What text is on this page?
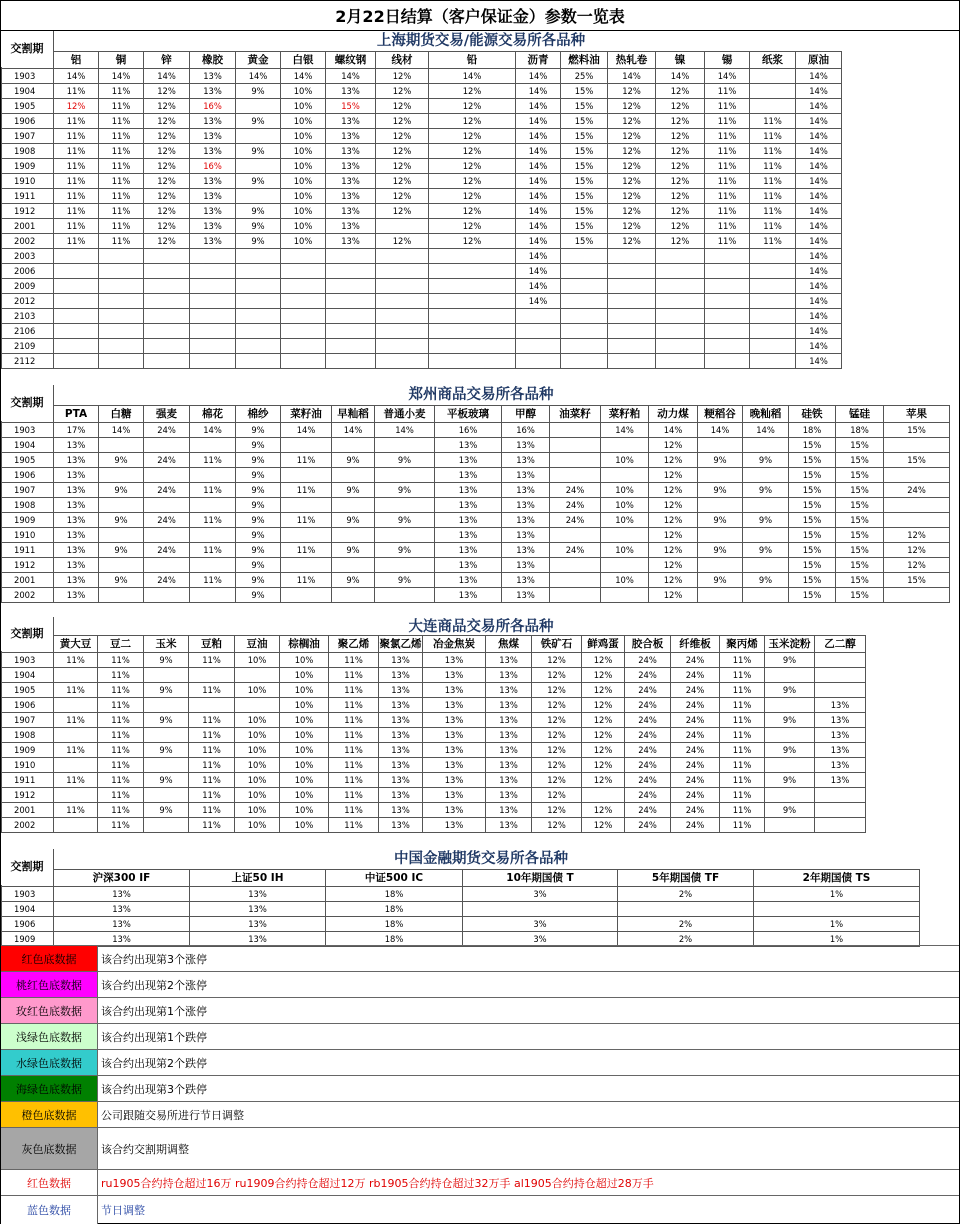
2月22日结算（客户保证金）参数一览表
上海期货交易/能源交易所各品种
	铝	铜	锌	橡胶	黄金	白银	螺纹钢	线材	铅	沥青	燃料油	热轧卷	镍	锡	纸浆	原油	
1903	14%	14%	14%	13%	14%	14%	14%	12%	14%	14%	25%	14%	14%	14%		14%	
1904	11%	11%	12%	13%	9%	10%	13%	12%	12%	14%	15%	12%	12%	11%		14%	
1905	12%	11%	12%	16%		10%	15%	12%	12%	14%	15%	12%	12%	11%		14%	
1906	11%	11%	12%	13%	9%	10%	13%	12%	12%	14%	15%	12%	12%	11%	11%	14%	
1907	11%	11%	12%	13%		10%	13%	12%	12%	14%	15%	12%	12%	11%	11%	14%	
1908	11%	11%	12%	13%	9%	10%	13%	12%	12%	14%	15%	12%	12%	11%	11%	14%	
1909	11%	11%	12%	16%		10%	13%	12%	12%	14%	15%	12%	12%	11%	11%	14%	
1910	11%	11%	12%	13%	9%	10%	13%	12%	12%	14%	15%	12%	12%	11%	11%	14%	
1911	11%	11%	12%	13%		10%	13%	12%	12%	14%	15%	12%	12%	11%	11%	14%	
1912	11%	11%	12%	13%	9%	10%	13%	12%	12%	14%	15%	12%	12%	11%	11%	14%	
2001	11%	11%	12%	13%	9%	10%	13%		12%	14%	15%	12%	12%	11%	11%	14%	
2002	11%	11%	12%	13%	9%	10%	13%	12%	12%	14%	15%	12%	12%	11%	11%	14%	
2003										14%						14%	
2006										14%						14%	
2009										14%						14%	
2012										14%						14%	
2103																14%	
2106																14%	
2109																14%	
2112																14%	
交割期
郑州商品交易所各品种
	PTA	白糖	强麦	棉花	棉纱	菜籽油	早籼稻	普通小麦	平板玻璃	甲醇	油菜籽	菜籽粕	动力煤	粳稻谷	晚籼稻	硅铁	锰硅	苹果
1903	17%	14%	24%	14%	9%	14%	14%	14%	16%	16%		14%	14%	14%	14%	18%	18%	15%
1904	13%				9%				13%	13%			12%			15%	15%	
1905	13%	9%	24%	11%	9%	11%	9%	9%	13%	13%		10%	12%	9%	9%	15%	15%	15%
1906	13%				9%				13%	13%			12%			15%	15%	
1907	13%	9%	24%	11%	9%	11%	9%	9%	13%	13%	24%	10%	12%	9%	9%	15%	15%	24%
1908	13%				9%				13%	13%	24%	10%	12%			15%	15%	
1909	13%	9%	24%	11%	9%	11%	9%	9%	13%	13%	24%	10%	12%	9%	9%	15%	15%	
1910	13%				9%				13%	13%			12%			15%	15%	12%
1911	13%	9%	24%	11%	9%	11%	9%	9%	13%	13%	24%	10%	12%	9%	9%	15%	15%	12%
1912	13%				9%				13%	13%			12%			15%	15%	12%
2001	13%	9%	24%	11%	9%	11%	9%	9%	13%	13%		10%	12%	9%	9%	15%	15%	15%
2002	13%				9%				13%	13%			12%			15%	15%	
交割期
大连商品交易所各品种
	黄大豆	豆二	玉米	豆粕	豆油	棕榈油	聚乙烯	聚氯乙烯	冶金焦炭	焦煤	铁矿石	鲜鸡蛋	胶合板	纤维板	聚丙烯	玉米淀粉	乙二醇	
1903	11%	11%	9%	11%	10%	10%	11%	13%	13%	13%	12%	12%	24%	24%	11%	9%		
1904		11%				10%	11%	13%	13%	13%	12%	12%	24%	24%	11%			
1905	11%	11%	9%	11%	10%	10%	11%	13%	13%	13%	12%	12%	24%	24%	11%	9%		
1906		11%				10%	11%	13%	13%	13%	12%	12%	24%	24%	11%		13%	
1907	11%	11%	9%	11%	10%	10%	11%	13%	13%	13%	12%	12%	24%	24%	11%	9%	13%	
1908		11%		11%	10%	10%	11%	13%	13%	13%	12%	12%	24%	24%	11%		13%	
1909	11%	11%	9%	11%	10%	10%	11%	13%	13%	13%	12%	12%	24%	24%	11%	9%	13%	
1910		11%		11%	10%	10%	11%	13%	13%	13%	12%	12%	24%	24%	11%		13%	
1911	11%	11%	9%	11%	10%	10%	11%	13%	13%	13%	12%	12%	24%	24%	11%	9%	13%	
1912		11%		11%	10%	10%	11%	13%	13%	13%	12%		24%	24%	11%			
2001	11%	11%	9%	11%	10%	10%	11%	13%	13%	13%	12%	12%	24%	24%	11%	9%		
2002		11%		11%	10%	10%	11%	13%	13%	13%	12%	12%	24%	24%	11%			
交割期
中国金融期货交易所各品种
	沪深300 IF	上证50 IH	中证500 IC	10年期国债 T	5年期国债 TF	2年期国债 TS	
1903	13%	13%	18%	3%	2%	1%	
1904	13%	13%	18%				
1906	13%	13%	18%	3%	2%	1%	
1909	13%	13%	18%	3%	2%	1%	
交割期
红色底数据	该合约出现第3个涨停
桃红色底数据	该合约出现第2个涨停
玫红色底数据	该合约出现第1个涨停
浅绿色底数据	该合约出现第1个跌停
水绿色底数据	该合约出现第2个跌停
海绿色底数据	该合约出现第3个跌停
橙色底数据	公司跟随交易所进行节日调整
灰色底数据	该合约交割期调整
红色数据	ru1905合约持仓超过16万 ru1909合约持仓超过12万 rb1905合约持仓超过32万手 al1905合约持仓超过28万手
蓝色数据	节日调整
